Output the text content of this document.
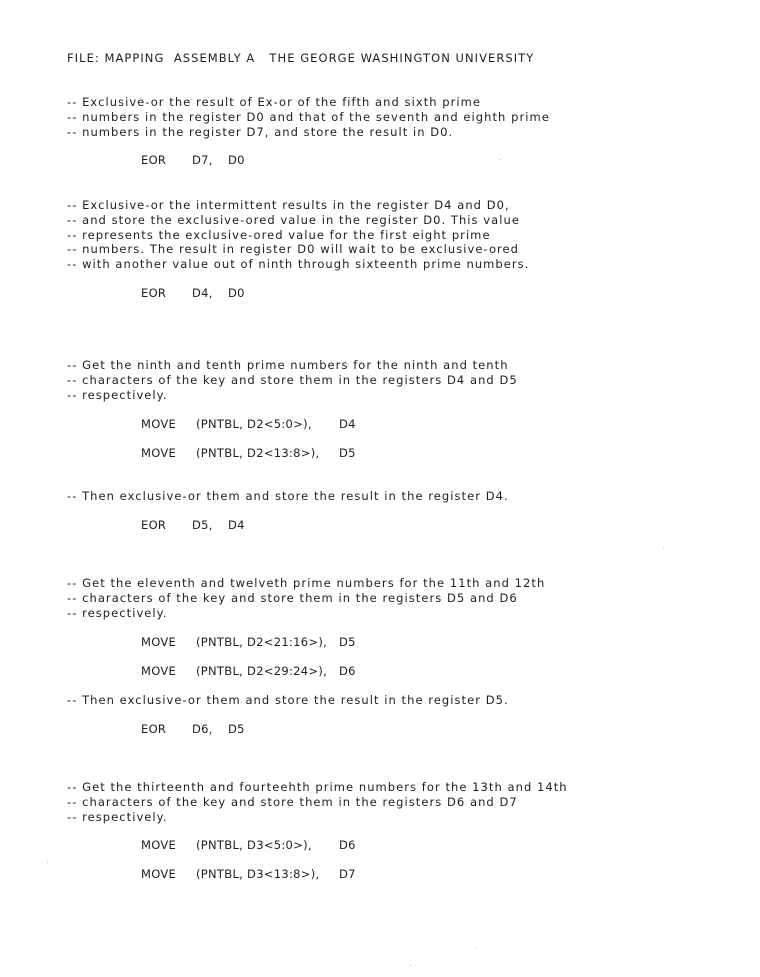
FILE: MAPPING  ASSEMBLY A   THE GEORGE WASHINGTON UNIVERSITY
-- Exclusive-or the result of Ex-or of the fifth and sixth prime
-- numbers in the register D0 and that of the seventh and eighth prime
-- numbers in the register D7, and store the result in D0.
EOR D7, D0
-- Exclusive-or the intermittent results in the register D4 and D0,
-- and store the exclusive-ored value in the register D0. This value
-- represents the exclusive-ored value for the first eight prime
-- numbers. The result in register D0 will wait to be exclusive-ored
-- with another value out of ninth through sixteenth prime numbers.
EOR D4, D0
-- Get the ninth and tenth prime numbers for the ninth and tenth
-- characters of the key and store them in the registers D4 and D5
-- respectively.
MOVE (PNTBL, D2<5:0>), D4
MOVE (PNTBL, D2<13:8>), D5
-- Then exclusive-or them and store the result in the register D4.
EOR D5, D4
-- Get the eleventh and twelveth prime numbers for the 11th and 12th
-- characters of the key and store them in the registers D5 and D6
-- respectively.
MOVE (PNTBL, D2<21:16>), D5
MOVE (PNTBL, D2<29:24>), D6
-- Then exclusive-or them and store the result in the register D5.
EOR D6, D5
-- Get the thirteenth and fourteehth prime numbers for the 13th and 14th
-- characters of the key and store them in the registers D6 and D7
-- respectively.
MOVE (PNTBL, D3<5:0>), D6
MOVE (PNTBL, D3<13:8>), D7
